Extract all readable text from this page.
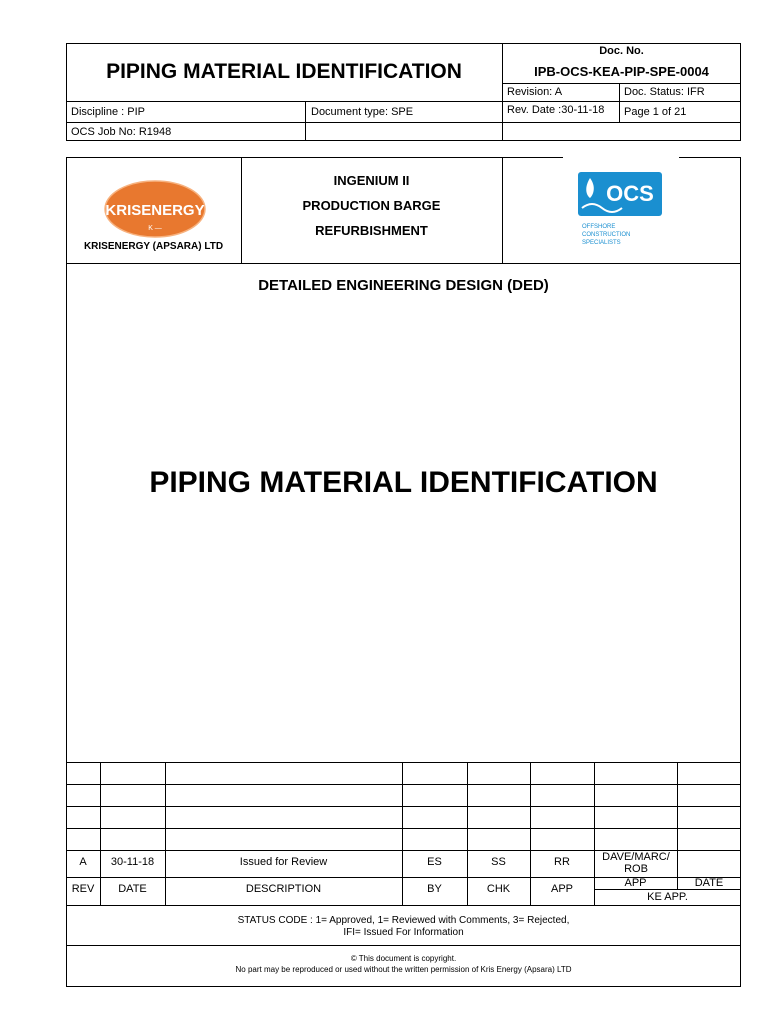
PIPING MATERIAL IDENTIFICATION
Doc. No.
IPB-OCS-KEA-PIP-SPE-0004
Revision: A	Doc. Status: IFR
Discipline : PIP	Document type: SPE	Rev. Date :30-11-18 Page 1 of 21
OCS Job No: R1948
KRISENERGY
K —
KRISENERGY (APSARA) LTD
INGENIUM II
PRODUCTION BARGE
REFURBISHMENT
OCS
OFFSHORE
CONSTRUCTION
SPECIALISTS
DETAILED ENGINEERING DESIGN (DED)
PIPING MATERIAL IDENTIFICATION
A	30-11-18	Issued for Review	ES	SS	RR	DAVE/MARC/ ROB
REV	DATE	DESCRIPTION	BY	CHK	APP	APP	DATE
KE APP.
STATUS CODE : 1= Approved, 1= Reviewed with Comments, 3= Rejected,
IFI= Issued For Information
© This document is copyright.
No part may be reproduced or used without the written permission of Kris Energy (Apsara) LTD
